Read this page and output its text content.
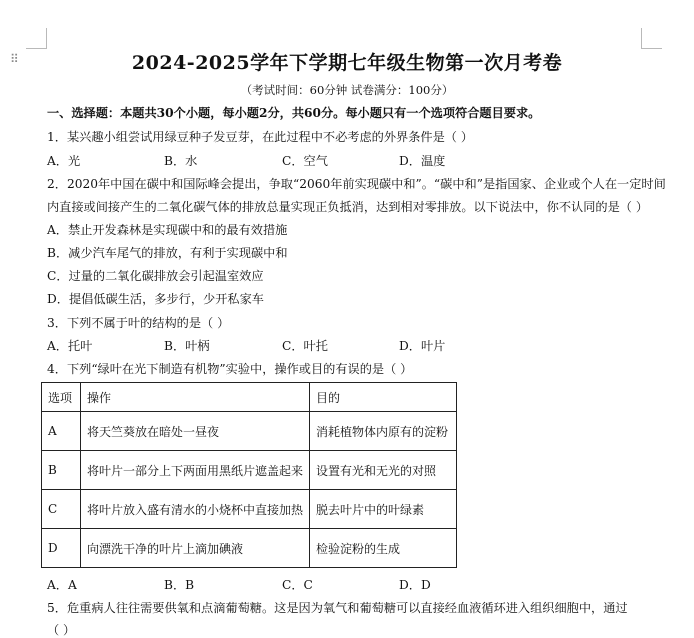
⠿	2024-2025学年下学期七年级生物第一次月考卷
（考试时间：60分钟 试卷满分：100分）
一、选择题：本题共30个小题，每小题2分，共60分。每小题只有一个选项符合题目要求。
1．某兴趣小组尝试用绿豆种子发豆芽，在此过程中不必考虑的外界条件是（ ）
A．光	B．水	C．空气	D．温度
2．2020年中国在碳中和国际峰会提出，争取“2060年前实现碳中和”。“碳中和”是指国家、企业或个人在一定时间
内直接或间接产生的二氧化碳气体的排放总量实现正负抵消，达到相对零排放。以下说法中，你不认同的是（ ）
A．禁止开发森林是实现碳中和的最有效措施
B．减少汽车尾气的排放，有利于实现碳中和
C．过量的二氧化碳排放会引起温室效应
D．提倡低碳生活，多步行，少开私家车
3．下列不属于叶的结构的是（ ）
A．托叶	B．叶柄	C．叶托	D．叶片
4．下列“绿叶在光下制造有机物”实验中，操作或目的有误的是（ ）
选项	操作	目的
A	将天竺葵放在暗处一昼夜	消耗植物体内原有的淀粉
B	将叶片一部分上下两面用黑纸片遮盖起来	设置有光和无光的对照
C	将叶片放入盛有清水的小烧杯中直接加热	脱去叶片中的叶绿素
D	向漂洗干净的叶片上滴加碘液	检验淀粉的生成
A．A	B．B	C．C	D．D
5．危重病人往往需要供氧和点滴葡萄糖。这是因为氧气和葡萄糖可以直接经血液循环进入组织细胞中，通过
（ ）
